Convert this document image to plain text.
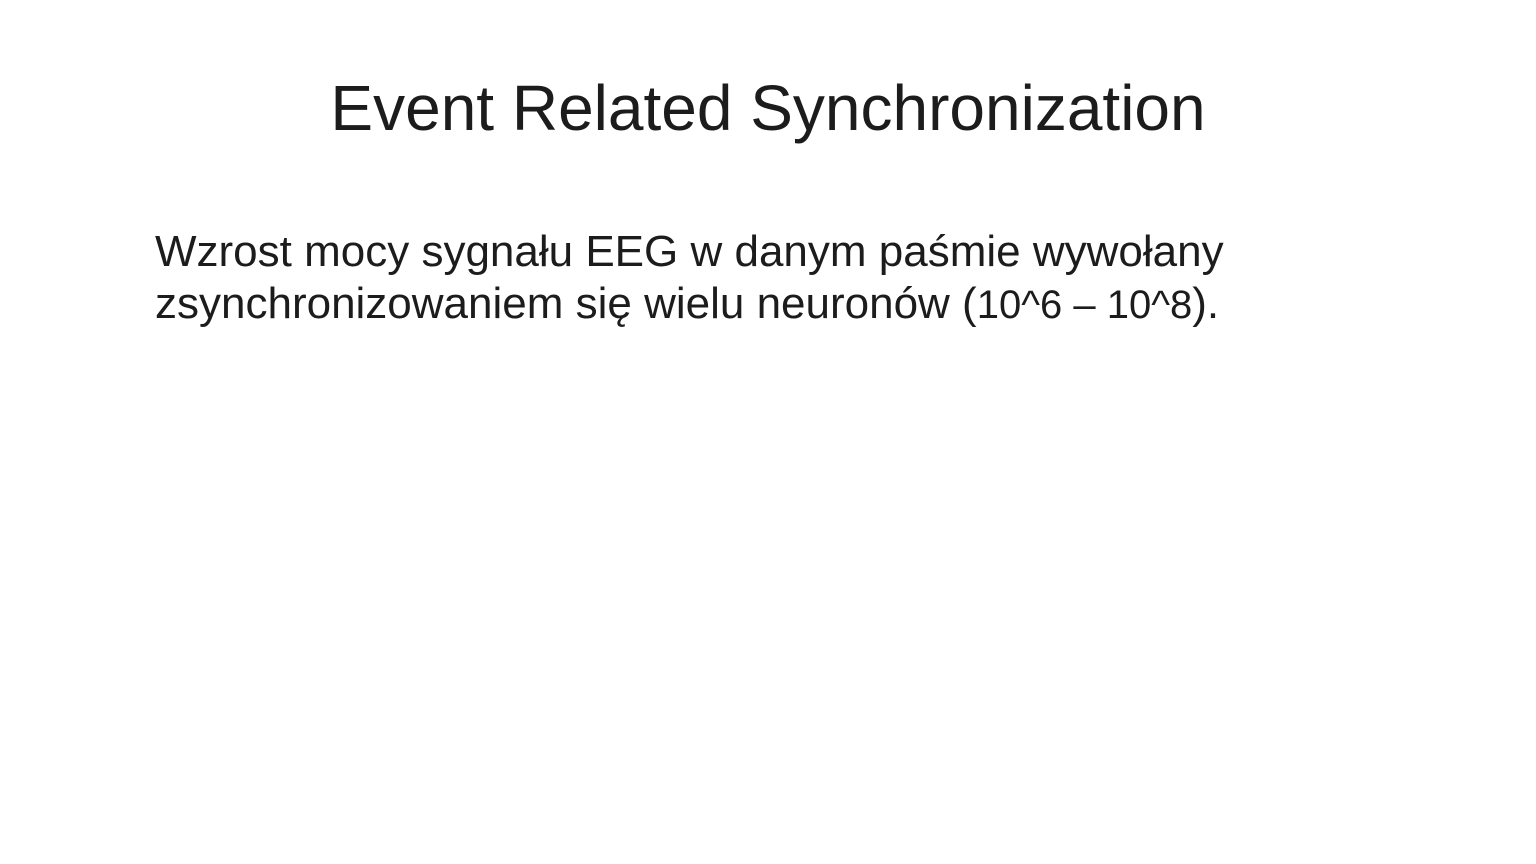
Event Related Synchronization
Wzrost mocy sygnału EEG w danym paśmie wywołany
zsynchronizowaniem się wielu neuronów (10^6 – 10^8).
